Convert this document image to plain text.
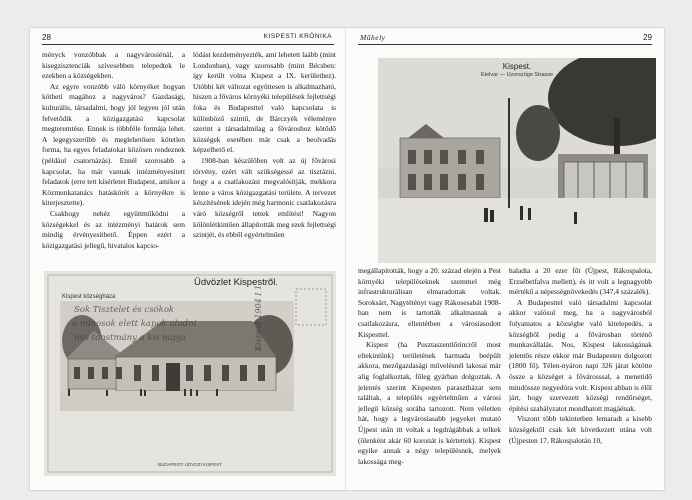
28	KISPESTI KRÓNIKA

ményck vonzóbbak a nagyvárosiénál, a kisegzisztenciák szívesebben telepedtek le ezekben a községekben.

Az egyre vonzóbb váló környéket hogyan köthetí magához a nagyváros? Gazdasági, kulturális, társadalmi, hogy jól legyen jól után felvetődik a közigazgatási kapcsolat megteremtése. Ennek is többféle formája lehet. A legegyszerűbb és meglehetősen kötetlen forma, ha egyes feladatokat közösen rendeznek (például csatornázás). Ennél szorosabb a kapcsolat, ha már vannak intézményesített feladatok (erre tett kísérletet Budapest, amikor a Közmunkatanács hatáskörét a környékre is kiterjesztette).

Csakhogy nehéz együttműködni a községekkel és az intézményi határok sem mindig érvényesíthető. Éppen ezért a közigazgatási jellegű, hivatalos kapcso-

lódást kezdeményezték, ami lehetett laább (mint Londonban), vagy szorosabb (mint Bécsben: így került volna Kispest a IX. kerülethez). Utóbbi két változat együttesen is alkalmazható, hiszen a főváros környéki települések fejlettségi foka és Budapesttel való kapcsolata is különböző szintű, de Bárczyék véleménye szerint a társadalmilag a fővároshoz kötődő községek esetében már csak a beolvadás képzelhető el.

1908-ban készülőben volt az új fővárosi törvény, ezért vált szükségessé az tisztázni, hogy a a csatlakozást megvalósítják, mekkora lenne a város közigazgatási területe. A tervezet készítésének idején még harmonic csatlakozásra váró községről tettek említést! Nagyon kölönlétkintően állapították meg ezek fejlettségi szintjét, és ebből egyértelműen

Kispest községháza
Üdvözlet Kispestről.
Sok Tisztelet és csókok
a minosok elett kapok aludni
nos tonstmány a kis napja	Kispest 1904 I 1
BUDAPESTI UDVOZÍ KISPEST
Műhely	29
Kispest.
Etelvar — Uzorszöge Strasse

megállapították, hogy a 20. század elején a Pest környéki településeknek szemmel még infrastrukturálisan elmaradottak voltak. Soroksárt, Nagytétényt vagy Rákosesabát 1908-ban nem is tartották alkalmasnak a csatlakozásra, ellentétben a városiasodott Kispesttel.

Kispest (ha Pusztaszentlőrincről most eltekintünk) területének harmada beépült akkora, mezőgazdasági művelésnél lakosai már alig foglalkoztak, főleg gyárban dolgoztak. A jelentés szerint Kispesten parasztházat sem találtak, a település egyértelműen a városi jellegű község sorába tartozott. Nem véletlen hát, hogy a legvárosiasabb jegyeket mutató Újpest után itt voltak a legdrágábbak a telkek (ölenként akár 60 koronát is kértettek). Kispest egyike annak a négy településnek, melyek lakossága meg-

haladta a 20 ezer főt (Újpest, Rákospalota, Erzsébetfalva mellett), és itt volt a legnagyobb mértékű a népességnövekedés (347,4 százalék).

A Budapesttel való társadalmi kapcsolat akkor valósul meg, ha a nagyvárosból folyamatos a községbe való kitelepedés, a községből pedig a fővárosban történő munkavállalás. Nos, Kispest lakosságának jelentős része ekkor már Budapesten dolgozott (1800 fő). Télen-nyáron napi 326 járat kötötte össze a községet a fővárosssal, a menetidő mindössze negyedóra volt. Kispest abban is élől járt, hogy szervezett községi rendőrséget, építési szabályzatot mondhatott magáénak.

Viszont több tekintetben lemaradt a kisebb községektől csak két következett utána volt (Újpesten 17, Rákospalotán 10,
